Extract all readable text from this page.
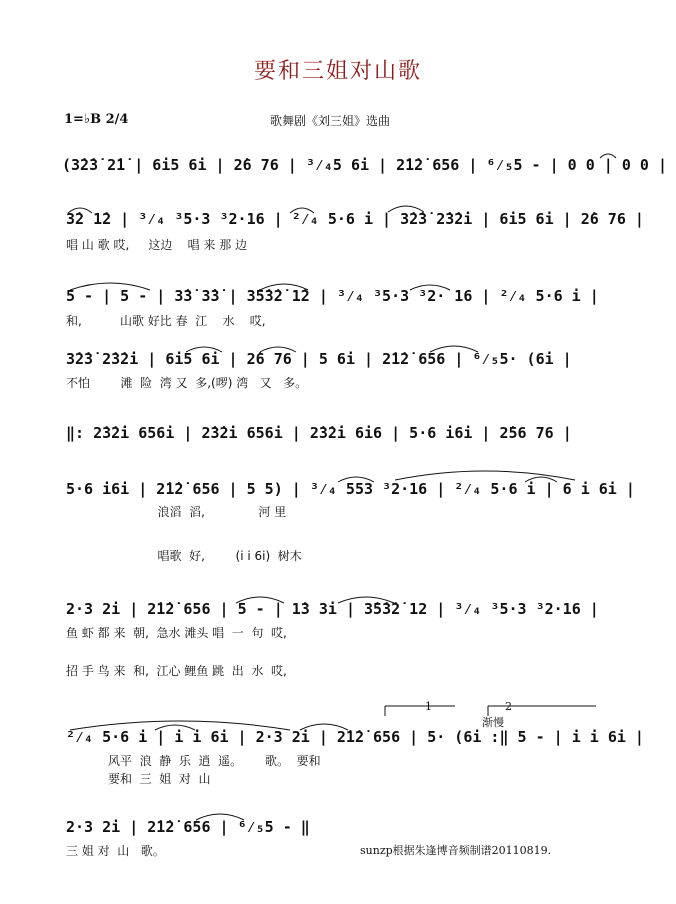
要和三姐对山歌
1=♭B 2/4	歌舞剧《刘三姐》选曲
(3̇2̇3̇ 2̇1̇ | 6i5 6i | 2̇6 76 | ³⁄₄5 6i | 2̇1̇2̇ 656 | ⁶⁄₅5 - | 0 0 | 0 0 |
3̇2 1̇2 | ³⁄₄ ³5·3 ³2·16 | ²⁄₄ 5·6 i | 3̇2̇3̇ 2̇3̇2̇i | 6i5 6i | 2̇6 76 |
唱 山 歌 哎,     这边    唱 来 那 边
5 - | 5 - | 3̇3̇ 3̇3̇ | 3̇5̇3̇2̇ 1̇2 | ³⁄₄ ³5·3 ³2· 16 | ²⁄₄ 5·6 i |
和,          山歌 好比 春  江    水    哎,
3̇2̇3̇ 2̇3̇2̇i | 6i5 6i | 2̇6 76 | 5 6i | 2̇1̇2̇ 656 | ⁶⁄₅5· (6i |
不怕        滩  险  湾 又  多,(啰) 湾   又   多。
‖: 2̇3̇2̇i 656i | 2̇3̇2̇i 656i | 2̇3̇2̇i 6i6 | 5·6 i6i | 2̇56 76 |
5·6 i6i | 2̇1̇2̇ 656 | 5 5) | ³⁄₄ 553 ³2·16 | ²⁄₄ 5·6 i | 6 i 6i |
浪滔  滔,              河 里
唱歌  好,        (i i 6i)  树木
2·3 2i | 2̇1̇2̇ 656 | 5 - | 1̇3 3i | 3̇5̇3̇2̇ 12 | ³⁄₄ ³5·3 ³2·16 |
鱼 虾 都 来  朝,  急水 滩头 唱  一  句  哎,
招 手 鸟 来  和,  江心 鲤鱼 跳  出  水  哎,
1	2
渐慢
²⁄₄ 5·6 i | i i 6i | 2·3 2i | 2̇1̇2̇ 656 | 5· (6i :‖ 5 - | i i 6i |
风平  浪  静  乐  逍  遥。      歌。  要和
要和  三  姐  对  山
2·3 2i | 2̇1̇2̇ 656 | ⁶⁄₅5 - ‖
三 姐 对  山   歌。	sunzp根据朱逢博音频制谱20110819.
